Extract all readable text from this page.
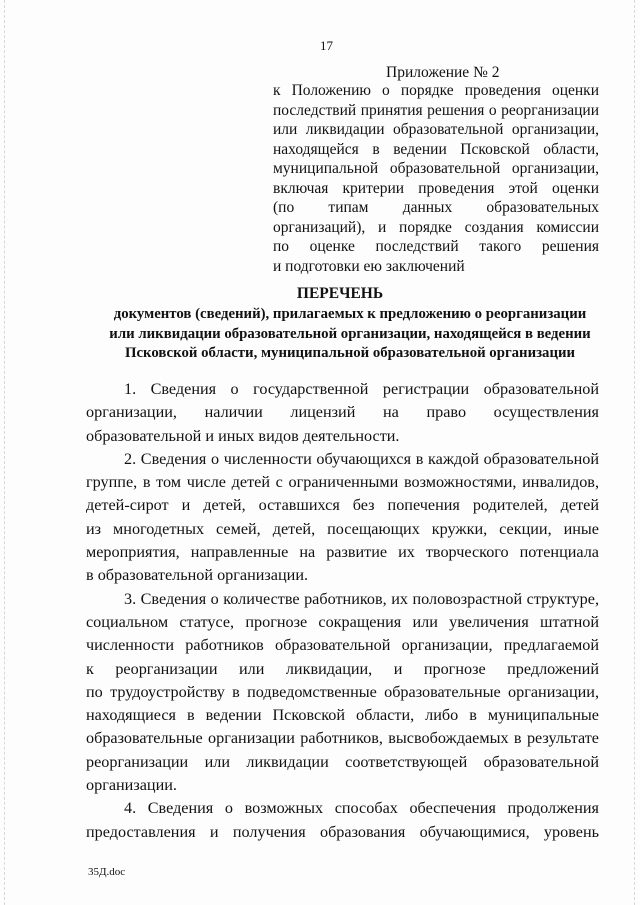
17
Приложение № 2
к Положению о порядке проведения оценки
последствий принятия решения о реорганизации
или ликвидации образовательной организации,
находящейся в ведении Псковской области,
муниципальной образовательной организации,
включая критерии проведения этой оценки
(по типам данных образовательных
организаций), и порядке создания комиссии
по оценке последствий такого решения
и подготовки ею заключений
ПЕРЕЧЕНЬ
документов (сведений), прилагаемых к предложению о реорганизации
или ликвидации образовательной организации, находящейся в ведении
Псковской области, муниципальной образовательной организации
1. Сведения о государственной регистрации образовательной
организации, наличии лицензий на право осуществления
образовательной и иных видов деятельности.
2. Сведения о численности обучающихся в каждой образовательной
группе, в том числе детей с ограниченными возможностями, инвалидов,
детей-сирот и детей, оставшихся без попечения родителей, детей
из многодетных семей, детей, посещающих кружки, секции, иные
мероприятия, направленные на развитие их творческого потенциала
в образовательной организации.
3. Сведения о количестве работников, их половозрастной структуре,
социальном статусе, прогнозе сокращения или увеличения штатной
численности работников образовательной организации, предлагаемой
к реорганизации или ликвидации, и прогнозе предложений
по трудоустройству в подведомственные образовательные организации,
находящиеся в ведении Псковской области, либо в муниципальные
образовательные организации работников, высвобождаемых в результате
реорганизации или ликвидации соответствующей образовательной
организации.
4. Сведения о возможных способах обеспечения продолжения
предоставления и получения образования обучающимися, уровень
35Д.doc
